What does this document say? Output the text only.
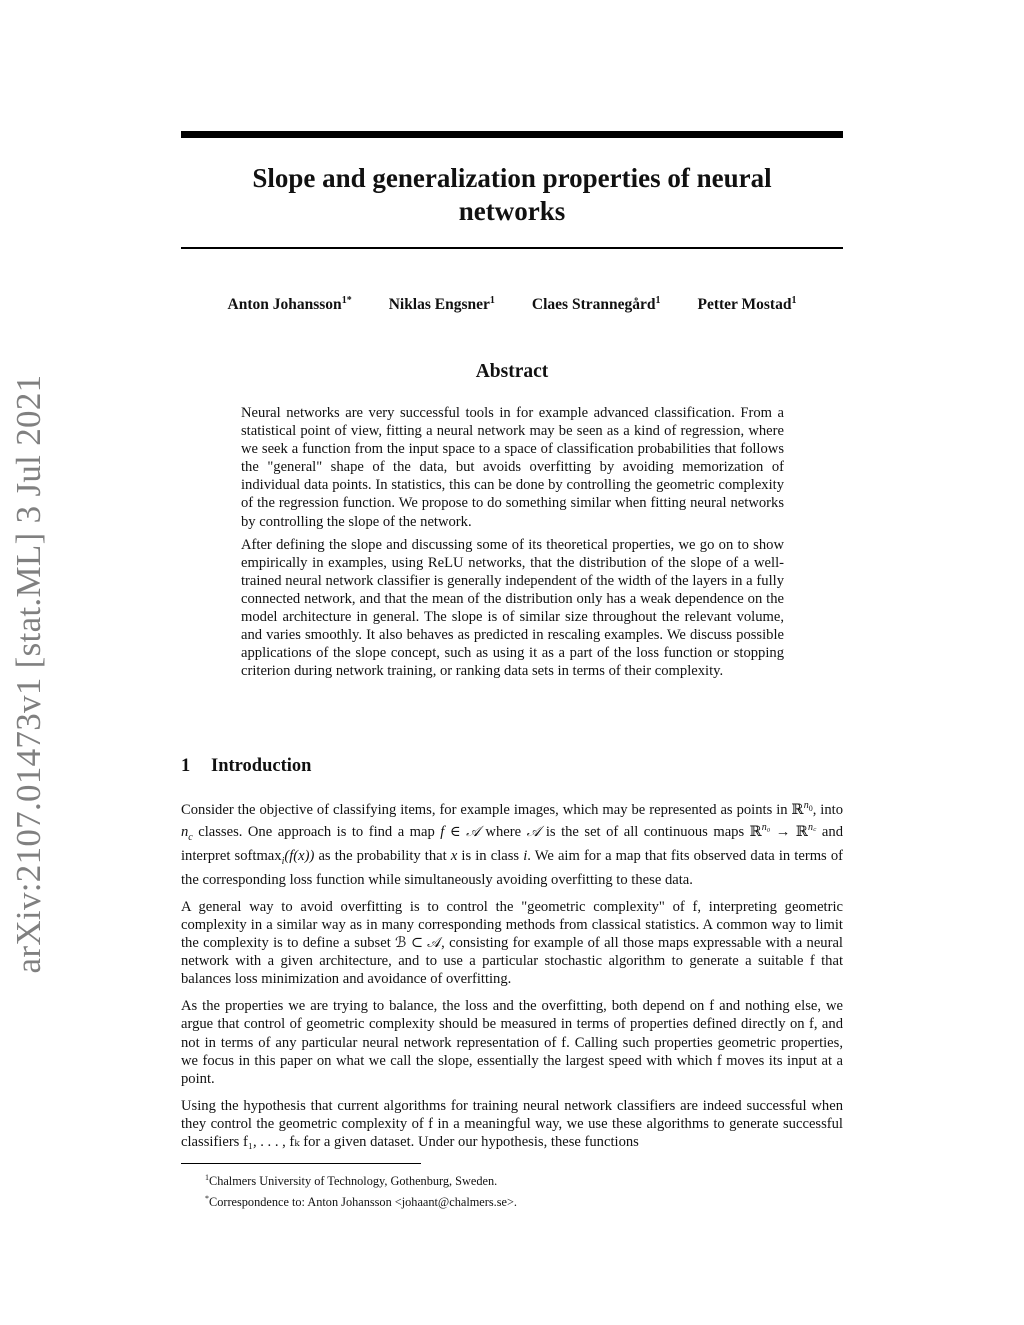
arXiv:2107.01473v1 [stat.ML] 3 Jul 2021
Slope and generalization properties of neural
networks
Anton Johansson$^{1*}$ Niklas Engsner$^1$ Claes Strannegård$^1$ Petter Mostad$^1$
Abstract

Neural networks are very successful tools in for example advanced classification. From a statistical point of view, fitting a neural network may be seen as a kind of regression, where we seek a function from the input space to a space of classification probabilities that follows the "general" shape of the data, but avoids overfitting by avoiding memorization of individual data points. In statistics, this can be done by controlling the geometric complexity of the regression function. We propose to do something similar when fitting neural networks by controlling the slope of the network.

After defining the slope and discussing some of its theoretical properties, we go on to show empirically in examples, using ReLU networks, that the distribution of the slope of a well-trained neural network classifier is generally independent of the width of the layers in a fully connected network, and that the mean of the distribution only has a weak dependence on the model architecture in general. The slope is of similar size throughout the relevant volume, and varies smoothly. It also behaves as predicted in rescaling examples. We discuss possible applications of the slope concept, such as using it as a part of the loss function or stopping criterion during network training, or ranking data sets in terms of their complexity.

1 Introduction

Consider the objective of classifying items, for example images, which may be represented as points in ℝ$^{n_0}$, into $n_c$ classes. One approach is to find a map f ∈ 𝒜 where 𝒜 is the set of all continuous maps ℝ$^{n_0}$ → ℝ$^{n꜀}$ and interpret softmax$_i$(f(x)) as the probability that x is in class i. We aim for a map that fits observed data in terms of the corresponding loss function while simultaneously avoiding overfitting to these data.

A general way to avoid overfitting is to control the "geometric complexity" of f, interpreting geometric complexity in a similar way as in many corresponding methods from classical statistics. A common way to limit the complexity is to define a subset ℬ ⊂ 𝒜, consisting for example of all those maps expressable with a neural network with a given architecture, and to use a particular stochastic algorithm to generate a suitable f that balances loss minimization and avoidance of overfitting.

As the properties we are trying to balance, the loss and the overfitting, both depend on f and nothing else, we argue that control of geometric complexity should be measured in terms of properties defined directly on f, and not in terms of any particular neural network representation of f. Calling such properties geometric properties, we focus in this paper on what we call the slope, essentially the largest speed with which f moves its input at a point.

Using the hypothesis that current algorithms for training neural network classifiers are indeed successful when they control the geometric complexity of f in a meaningful way, we use these algorithms to generate successful classifiers f₁, . . . , fₖ for a given dataset. Under our hypothesis, these functions

$^1$Chalmers University of Technology, Gothenburg, Sweden.
*Correspondence to: Anton Johansson <johaant@chalmers.se>.
